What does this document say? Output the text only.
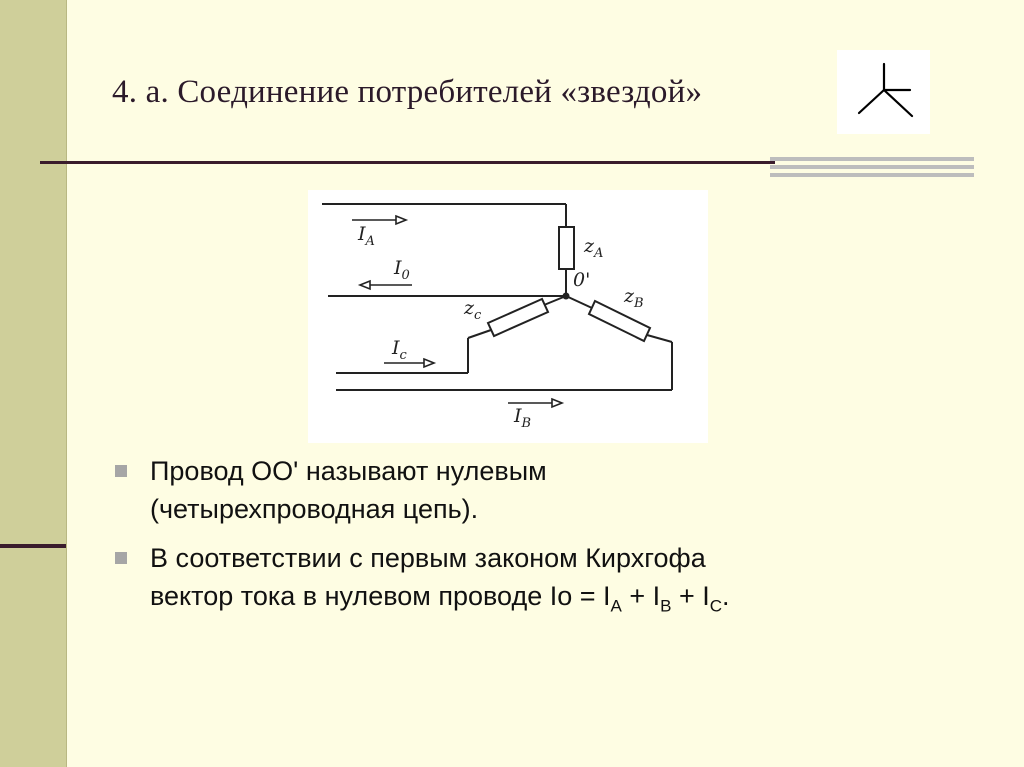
4. а. Соединение потребителей «звездой»
$I_A$
$I_0$
$I_c$
$I_B$
$z_A$
$z_B$
$z_c$
0'
Провод ОО' называют нулевым
(четырехпроводная цепь).
В соответствии с первым законом Кирхгофа
вектор тока в нулевом проводе $Io = I_A + I_B + I_C$.
